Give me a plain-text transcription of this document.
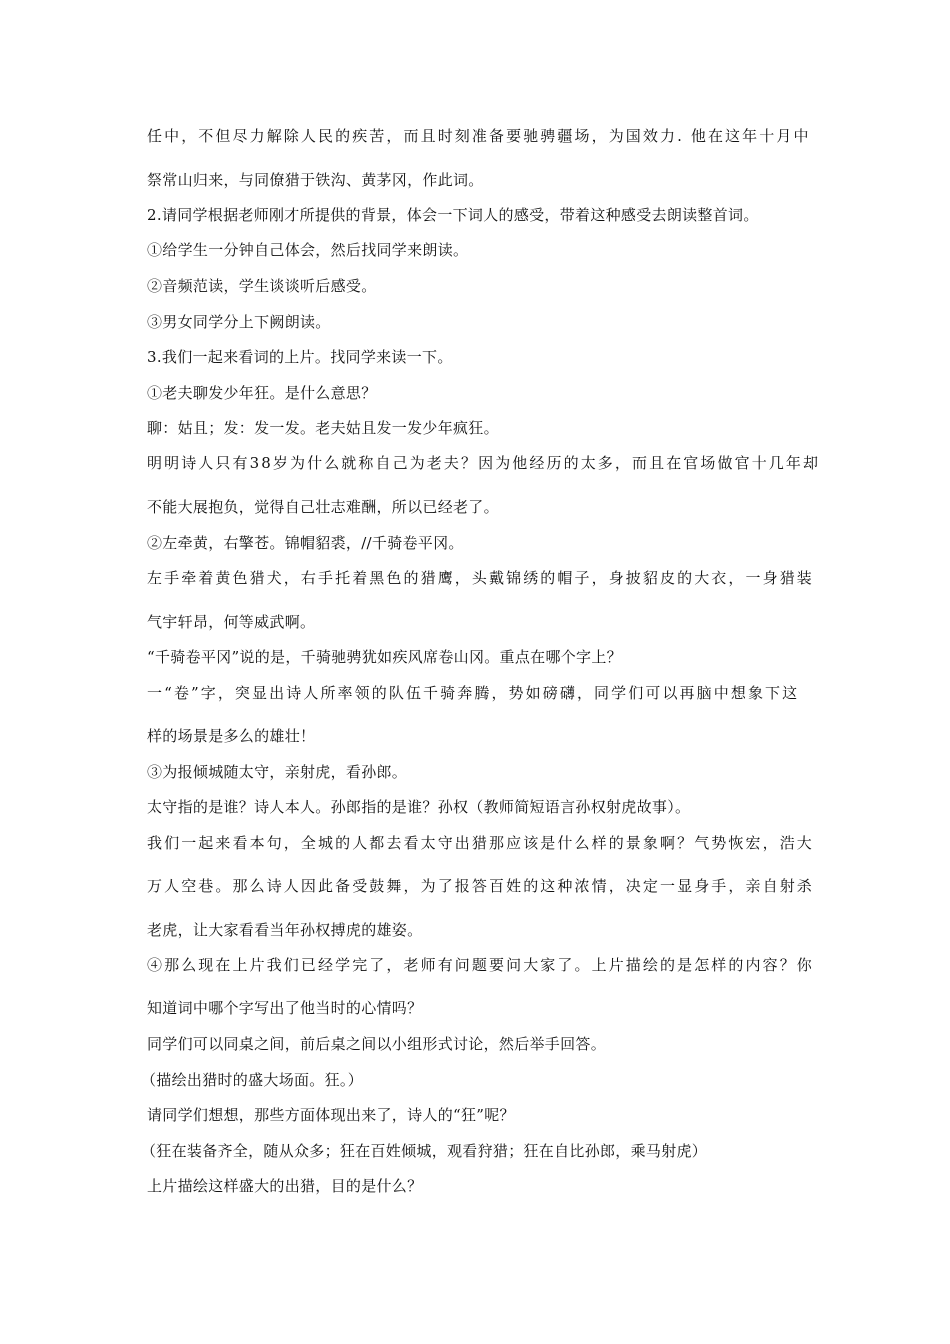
任中，不但尽力解除人民的疾苦，而且时刻准备要驰骋疆场，为国效力. 他在这年十月中
祭常山归来，与同僚猎于铁沟、黄茅冈，作此词。
2.请同学根据老师刚才所提供的背景，体会一下词人的感受，带着这种感受去朗读整首词。
①给学生一分钟自己体会，然后找同学来朗读。
②音频范读，学生谈谈听后感受。
③男女同学分上下阙朗读。
3.我们一起来看词的上片。找同学来读一下。
①老夫聊发少年狂。是什么意思？
聊：姑且；发：发一发。老夫姑且发一发少年疯狂。
明明诗人只有38岁为什么就称自己为老夫？因为他经历的太多，而且在官场做官十几年却
不能大展抱负，觉得自己壮志难酬，所以已经老了。
②左牵黄，右擎苍。锦帽貂裘，//千骑卷平冈。
左手牵着黄色猎犬，右手托着黑色的猎鹰，头戴锦绣的帽子，身披貂皮的大衣，一身猎装
气宇轩昂，何等威武啊。
“千骑卷平冈”说的是，千骑驰骋犹如疾风席卷山冈。重点在哪个字上？
一“卷”字，突显出诗人所率领的队伍千骑奔腾，势如磅礴，同学们可以再脑中想象下这
样的场景是多么的雄壮！
③为报倾城随太守，亲射虎，看孙郎。
太守指的是谁？诗人本人。孙郎指的是谁？孙权（教师简短语言孙权射虎故事）。
我们一起来看本句，全城的人都去看太守出猎那应该是什么样的景象啊？气势恢宏，浩大
万人空巷。那么诗人因此备受鼓舞，为了报答百姓的这种浓情，决定一显身手，亲自射杀
老虎，让大家看看当年孙权搏虎的雄姿。
④那么现在上片我们已经学完了，老师有问题要问大家了。上片描绘的是怎样的内容？你
知道词中哪个字写出了他当时的心情吗？
同学们可以同桌之间，前后桌之间以小组形式讨论，然后举手回答。
（描绘出猎时的盛大场面。狂。）
请同学们想想，那些方面体现出来了，诗人的“狂”呢？
（狂在装备齐全，随从众多；狂在百姓倾城，观看狩猎；狂在自比孙郎，乘马射虎）
上片描绘这样盛大的出猎，目的是什么？
